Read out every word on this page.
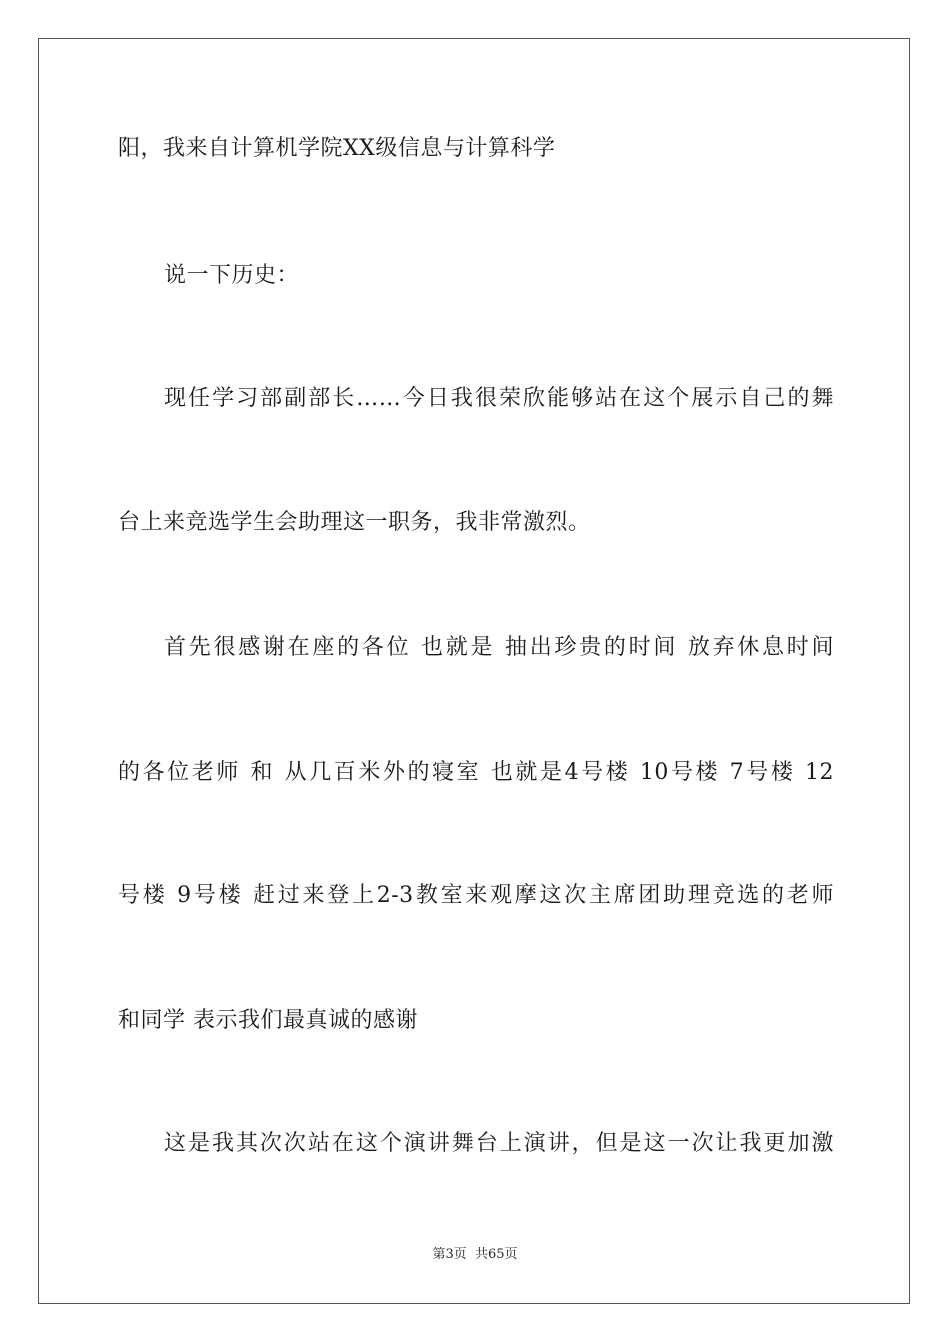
阳，我来自计算机学院XX级信息与计算科学
说一下历史：
现任学习部副部长……今日我很荣欣能够站在这个展示自己的舞
台上来竞选学生会助理这一职务，我非常激烈。
首先很感谢在座的各位 也就是 抽出珍贵的时间 放弃休息时间
的各位老师 和 从几百米外的寝室 也就是4号楼 10号楼 7号楼 12
号楼 9号楼 赶过来登上2-3教室来观摩这次主席团助理竞选的老师
和同学 表示我们最真诚的感谢
这是我其次次站在这个演讲舞台上演讲，但是这一次让我更加激
第3页 共65页
